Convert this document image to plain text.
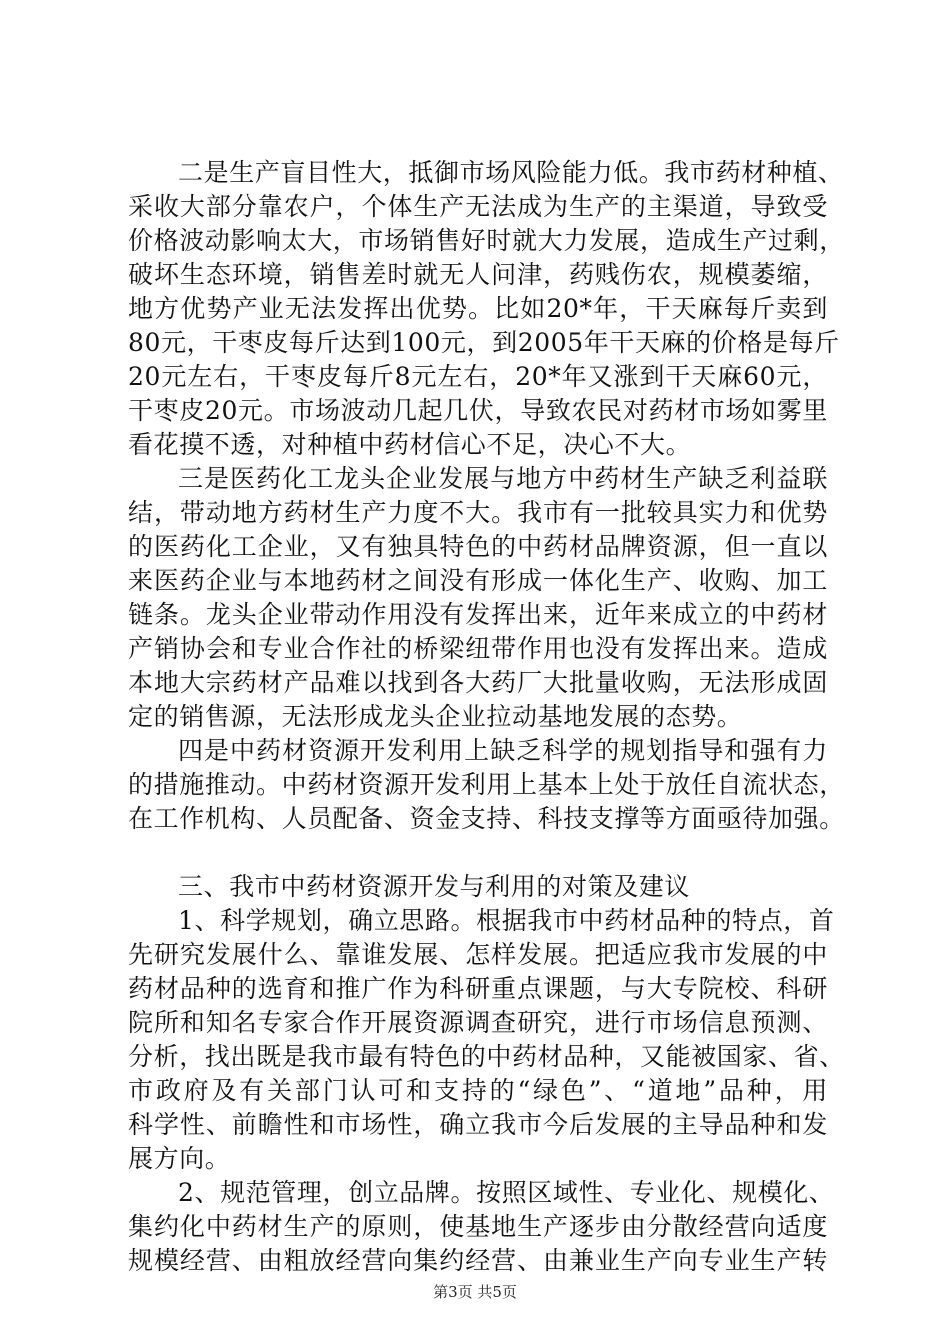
二是生产盲目性大，抵御市场风险能力低。我市药材种植、
采收大部分靠农户，个体生产无法成为生产的主渠道，导致受
价格波动影响太大，市场销售好时就大力发展，造成生产过剩，
破坏生态环境，销售差时就无人问津，药贱伤农，规模萎缩，
地方优势产业无法发挥出优势。比如20*年，干天麻每斤卖到
80元，干枣皮每斤达到100元，到2005年干天麻的价格是每斤
20元左右，干枣皮每斤8元左右，20*年又涨到干天麻60元，
干枣皮20元。市场波动几起几伏，导致农民对药材市场如雾里
看花摸不透，对种植中药材信心不足，决心不大。
三是医药化工龙头企业发展与地方中药材生产缺乏利益联
结，带动地方药材生产力度不大。我市有一批较具实力和优势
的医药化工企业，又有独具特色的中药材品牌资源，但一直以
来医药企业与本地药材之间没有形成一体化生产、收购、加工
链条。龙头企业带动作用没有发挥出来，近年来成立的中药材
产销协会和专业合作社的桥梁纽带作用也没有发挥出来。造成
本地大宗药材产品难以找到各大药厂大批量收购，无法形成固
定的销售源，无法形成龙头企业拉动基地发展的态势。
四是中药材资源开发利用上缺乏科学的规划指导和强有力
的措施推动。中药材资源开发利用上基本上处于放任自流状态，
在工作机构、人员配备、资金支持、科技支撑等方面亟待加强。
三、我市中药材资源开发与利用的对策及建议
1、科学规划，确立思路。根据我市中药材品种的特点，首
先研究发展什么、靠谁发展、怎样发展。把适应我市发展的中
药材品种的选育和推广作为科研重点课题，与大专院校、科研
院所和知名专家合作开展资源调查研究，进行市场信息预测、
分析，找出既是我市最有特色的中药材品种，又能被国家、省、
市政府及有关部门认可和支持的“绿色”、“道地”品种，用
科学性、前瞻性和市场性，确立我市今后发展的主导品种和发
展方向。
2、规范管理，创立品牌。按照区域性、专业化、规模化、
集约化中药材生产的原则，使基地生产逐步由分散经营向适度
规模经营、由粗放经营向集约经营、由兼业生产向专业生产转
第3页 共5页
